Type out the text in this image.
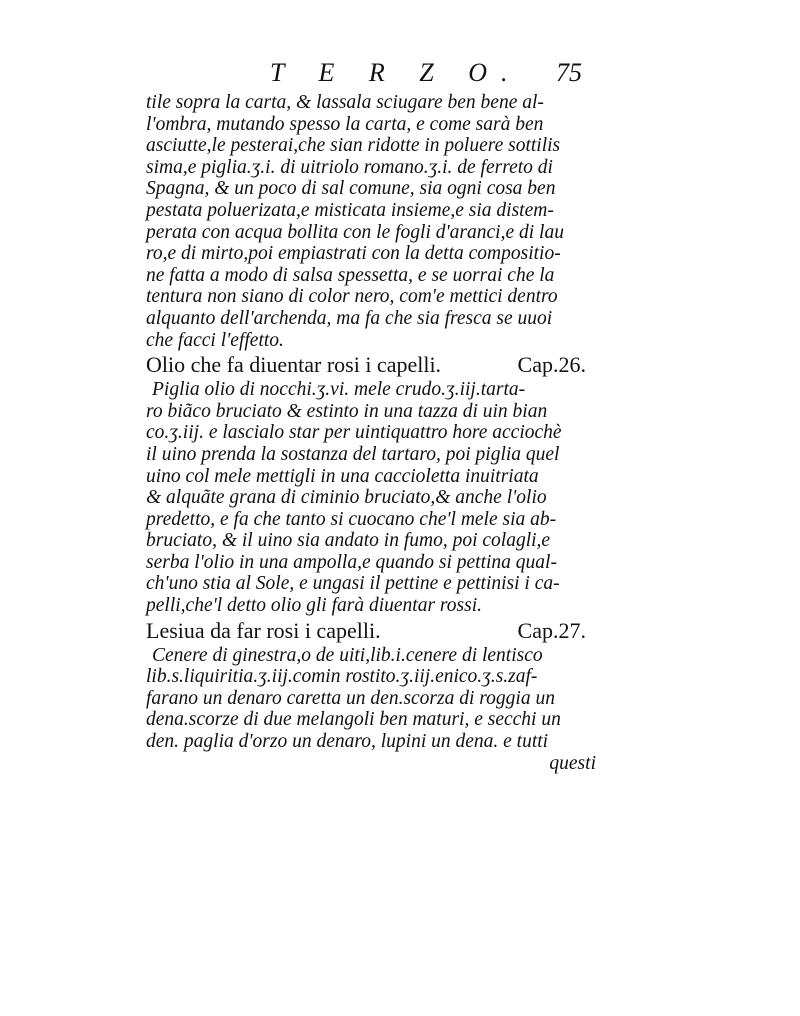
T E R Z O. 75
tile sopra la carta, & lassala sciugare ben bene al-
l'ombra, mutando spesso la carta, e come sarà ben
asciutte,le pesterai,che sian ridotte in poluere sottilis
sima,e piglia.ʒ.i. di uitriolo romano.ʒ.i. de ferreto di
Spagna, & un poco di sal comune, sia ogni cosa ben
pestata poluerizata,e misticata insieme,e sia distem-
perata con acqua bollita con le fogli d'aranci,e di lau
ro,e di mirto,poi empiastrati con la detta compositio-
ne fatta a modo di salsa spessetta, e se uorrai che la
tentura non siano di color nero, com'e mettici dentro
alquanto dell'archenda, ma fa che sia fresca se uuoi
che facci l'effetto.
Olio che fa diuentar rosi i capelli.	Cap.26.
Piglia olio di nocchi.ʒ.vi. mele crudo.ʒ.iij.tarta-
ro biãco bruciato & estinto in una tazza di uin bian
co.ʒ.iij. e lascialo star per uintiquattro hore acciochè
il uino prenda la sostanza del tartaro, poi piglia quel
uino col mele mettigli in una caccioletta inuitriata
& alquãte grana di ciminio bruciato,& anche l'olio
predetto, e fa che tanto si cuocano che'l mele sia ab-
bruciato, & il uino sia andato in fumo, poi colagli,e
serba l'olio in una ampolla,e quando si pettina qual-
ch'uno stia al Sole, e ungasi il pettine e pettinisi i ca-
pelli,che'l detto olio gli farà diuentar rossi.
Lesiua da far rosi i capelli.	Cap.27.
Cenere di ginestra,o de uiti,lib.i.cenere di lentisco
lib.s.liquiritia.ʒ.iij.comin rostito.ʒ.iij.enico.ʒ.s.zaf-
farano un denaro caretta un den.scorza di roggia un
dena.scorze di due melangoli ben maturi, e secchi un
den. paglia d'orzo un denaro, lupini un dena. e tutti
questi
